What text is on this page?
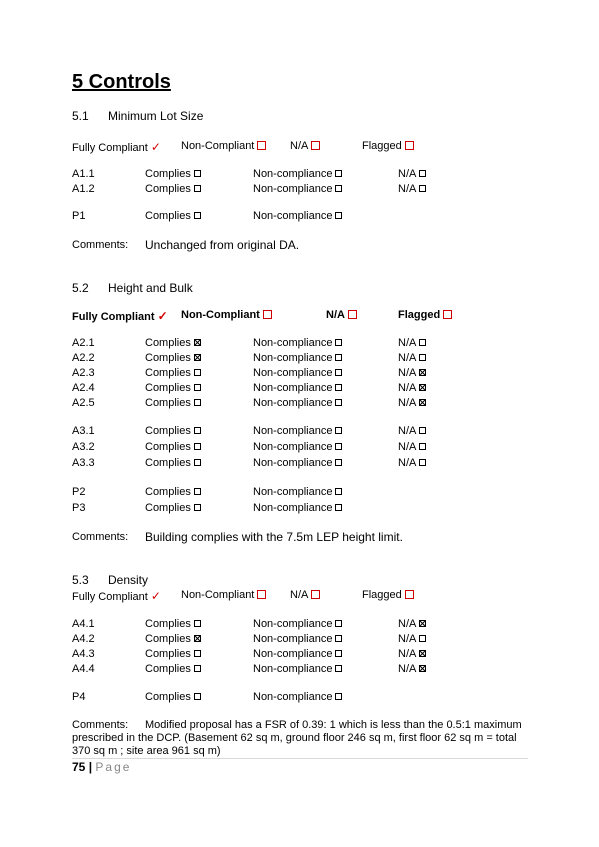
5 Controls
5.1 Minimum Lot Size
Fully Compliant ✓ Non-Compliant	N/A	Flagged
A1.1	Complies	Non-compliance	N/A
A1.2	Complies	Non-compliance	N/A
P1	Complies	Non-compliance
Comments: Unchanged from original DA.
5.2 Height and Bulk
Fully Compliant ✓ Non-Compliant	N/A	Flagged
A2.1	Complies	Non-compliance	N/A
A2.2	Complies	Non-compliance	N/A
A2.3	Complies	Non-compliance	N/A
A2.4	Complies	Non-compliance	N/A
A2.5	Complies	Non-compliance	N/A
A3.1	Complies	Non-compliance	N/A
A3.2	Complies	Non-compliance	N/A
A3.3	Complies	Non-compliance	N/A
P2	Complies	Non-compliance
P3	Complies	Non-compliance
Comments: Building complies with the 7.5m LEP height limit.
5.3 Density
Fully Compliant ✓ Non-Compliant	N/A	Flagged
A4.1	Complies	Non-compliance	N/A
A4.2	Complies	Non-compliance	N/A
A4.3	Complies	Non-compliance	N/A
A4.4	Complies	Non-compliance	N/A
P4	Complies	Non-compliance
Comments:	Modified proposal has a FSR of 0.39: 1 which is less than the 0.5:1 maximum prescribed in the DCP. (Basement 62 sq m, ground floor 246 sq m, first floor 62 sq m = total 370 sq m ; site area 961 sq m)
75 | Page
